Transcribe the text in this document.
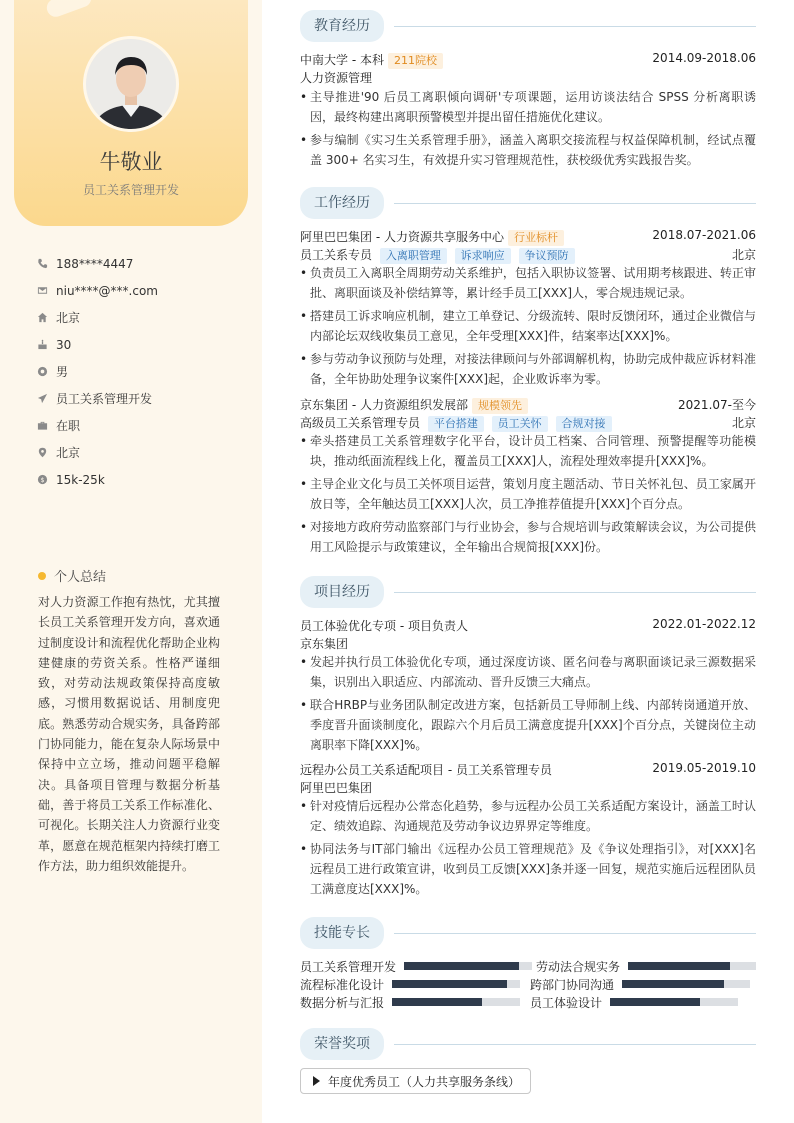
牛敬业
员工关系管理开发
188****4447
niu****@***.com
北京
30
男
员工关系管理开发
在职
北京
$ 15k-25k
个人总结
对人力资源工作抱有热忱，尤其擅长员工关系管理开发方向，喜欢通过制度设计和流程优化帮助企业构建健康的劳资关系。性格严谨细致，对劳动法规政策保持高度敏感，习惯用数据说话、用制度兜底。熟悉劳动合规实务，具备跨部门协同能力，能在复杂人际场景中保持中立立场，推动问题平稳解决。具备项目管理与数据分析基础，善于将员工关系工作标准化、可视化。长期关注人力资源行业变革，愿意在规范框架内持续打磨工作方法，助力组织效能提升。
教育经历
中南大学 - 本科 211院校	2014.09-2018.06
人力资源管理
• 主导推进'90 后员工离职倾向调研'专项课题，运用访谈法结合 SPSS 分析离职诱因，最终构建出离职预警模型并提出留任措施优化建议。
• 参与编制《实习生关系管理手册》，涵盖入离职交接流程与权益保障机制，经试点覆盖 300+ 名实习生，有效提升实习管理规范性，获校级优秀实践报告奖。
工作经历
阿里巴巴集团 - 人力资源共享服务中心 行业标杆	2018.07-2021.06
员工关系专员 入离职管理 诉求响应 争议预防	北京
• 负责员工入离职全周期劳动关系维护，包括入职协议签署、试用期考核跟进、转正审批、离职面谈及补偿结算等，累计经手员工[XXX]人，零合规违规记录。
• 搭建员工诉求响应机制，建立工单登记、分级流转、限时反馈闭环，通过企业微信与内部论坛双线收集员工意见，全年受理[XXX]件，结案率达[XXX]%。
• 参与劳动争议预防与处理，对接法律顾问与外部调解机构，协助完成仲裁应诉材料准备，全年协助处理争议案件[XXX]起，企业败诉率为零。
京东集团 - 人力资源组织发展部 规模领先	2021.07-至今
高级员工关系管理专员 平台搭建 员工关怀 合规对接	北京
• 牵头搭建员工关系管理数字化平台，设计员工档案、合同管理、预警提醒等功能模块，推动纸面流程线上化，覆盖员工[XXX]人，流程处理效率提升[XXX]%。
• 主导企业文化与员工关怀项目运营，策划月度主题活动、节日关怀礼包、员工家属开放日等，全年触达员工[XXX]人次，员工净推荐值提升[XXX]个百分点。
• 对接地方政府劳动监察部门与行业协会，参与合规培训与政策解读会议，为公司提供用工风险提示与政策建议，全年输出合规简报[XXX]份。
项目经历
员工体验优化专项 - 项目负责人	2022.01-2022.12
京东集团
• 发起并执行员工体验优化专项，通过深度访谈、匿名问卷与离职面谈记录三源数据采集，识别出入职适应、内部流动、晋升反馈三大痛点。
• 联合HRBP与业务团队制定改进方案，包括新员工导师制上线、内部转岗通道开放、季度晋升面谈制度化，跟踪六个月后员工满意度提升[XXX]个百分点，关键岗位主动离职率下降[XXX]%。
远程办公员工关系适配项目 - 员工关系管理专员	2019.05-2019.10
阿里巴巴集团
• 针对疫情后远程办公常态化趋势，参与远程办公员工关系适配方案设计，涵盖工时认定、绩效追踪、沟通规范及劳动争议边界界定等维度。
• 协同法务与IT部门输出《远程办公员工管理规范》及《争议处理指引》，对[XXX]名远程员工进行政策宣讲，收到员工反馈[XXX]条并逐一回复，规范实施后远程团队员工满意度达[XXX]%。
技能专长
员工关系管理开发	劳动法合规实务
流程标准化设计	跨部门协同沟通
数据分析与汇报	员工体验设计
荣誉奖项
年度优秀员工（人力共享服务条线）
